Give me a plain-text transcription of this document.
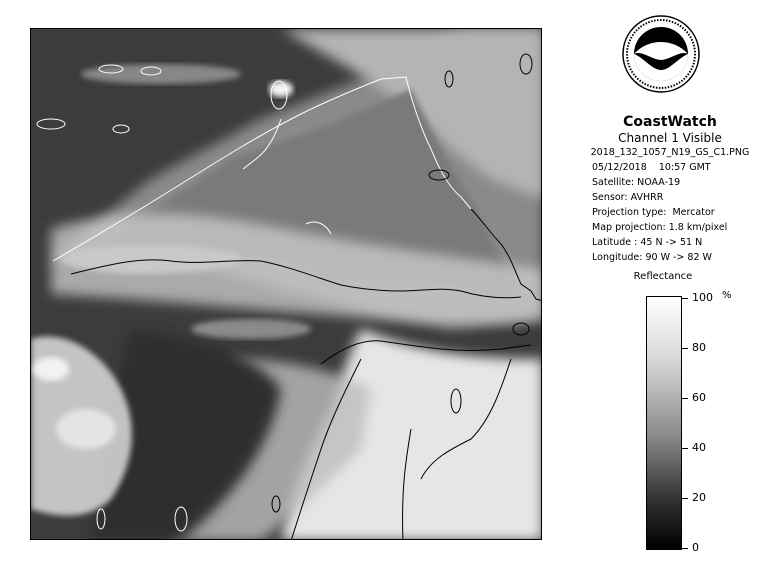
NOAA
CoastWatch
Channel 1 Visible
2018_132_1057_N19_GS_C1.PNG
05/12/2018    10:57 GMT
Satellite: NOAA-19
Sensor: AVHRR
Projection type:  Mercator
Map projection: 1.8 km/pixel
Latitude : 45 N -> 51 N
Longitude: 90 W -> 82 W
Reflectance
%
100
80
60
40
20
0
